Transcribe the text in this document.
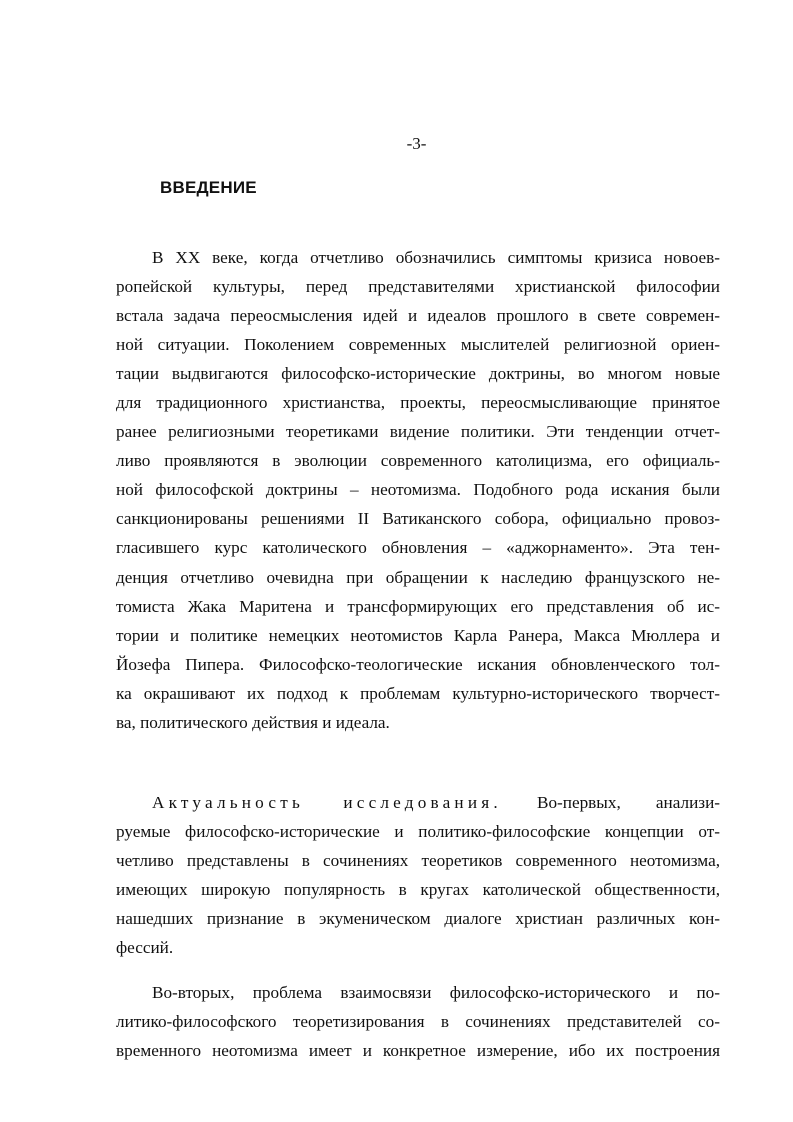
-3-
ВВЕДЕНИЕ
В XX веке, когда отчетливо обозначились симптомы кризиса новоев-
ропейской культуры, перед представителями христианской философии
встала задача переосмысления идей и идеалов прошлого в свете современ-
ной ситуации. Поколением современных мыслителей религиозной ориен-
тации выдвигаются философско-исторические доктрины, во многом новые
для традиционного христианства, проекты, переосмысливающие принятое
ранее религиозными теоретиками видение политики. Эти тенденции отчет-
ливо проявляются в эволюции современного католицизма, его официаль-
ной философской доктрины – неотомизма. Подобного рода искания были
санкционированы решениями II Ватиканского собора, официально провоз-
гласившего курс католического обновления – «аджорнаменто». Эта тен-
денция отчетливо очевидна при обращении к наследию французского не-
томиста Жака Маритена и трансформирующих его представления об ис-
тории и политике немецких неотомистов Карла Ранера, Макса Мюллера и
Йозефа Пипера. Философско-теологические искания обновленческого тол-
ка окрашивают их подход к проблемам культурно-исторического творчест-
ва, политического действия и идеала.
Актуальность исследования. Во-первых, анализи-
руемые философско-исторические и политико-философские концепции от-
четливо представлены в сочинениях теоретиков современного неотомизма,
имеющих широкую популярность в кругах католической общественности,
нашедших признание в экуменическом диалоге христиан различных кон-
фессий.
Во-вторых, проблема взаимосвязи философско-исторического и по-
литико-философского теоретизирования в сочинениях представителей со-
временного неотомизма имеет и конкретное измерение, ибо их построения
